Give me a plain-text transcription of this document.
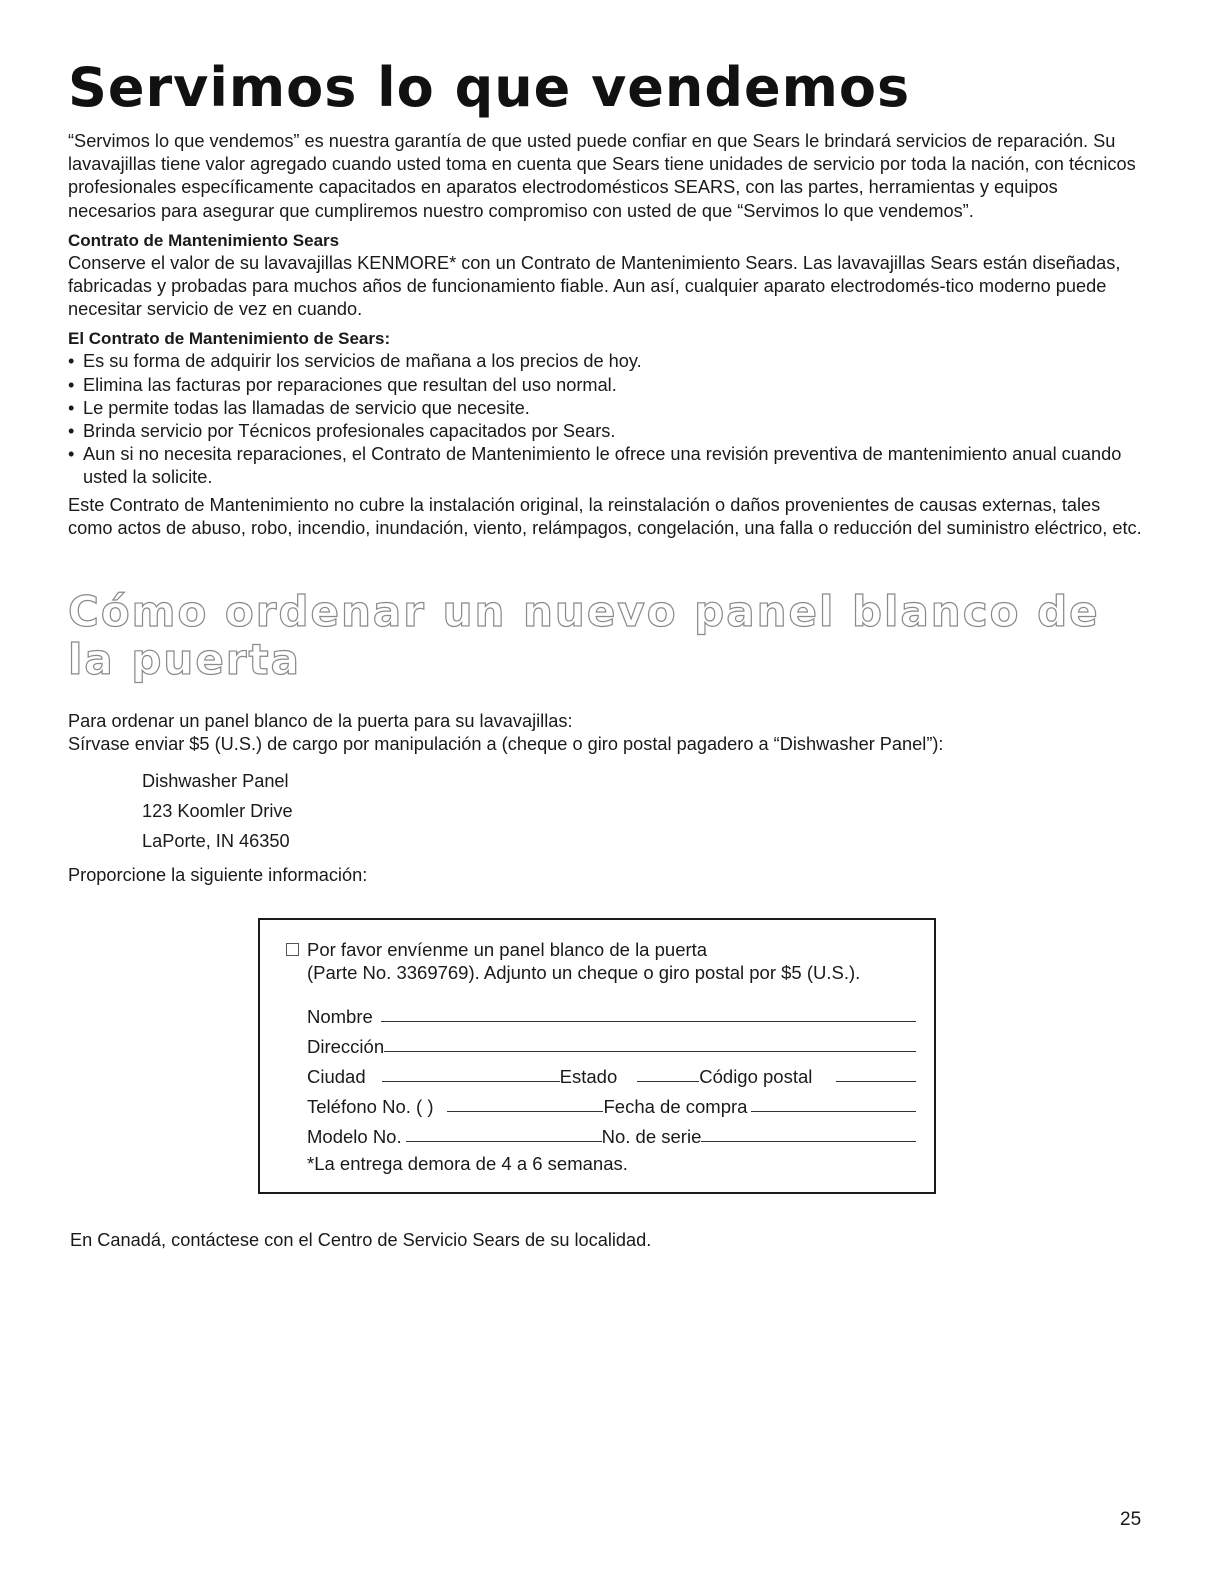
Servimos lo que vendemos

“Servimos lo que vendemos” es nuestra garantía de que usted puede confiar en que Sears le brindará servicios de reparación. Su lavavajillas tiene valor agregado cuando usted toma en cuenta que Sears tiene unidades de servicio por toda la nación, con técnicos profesionales específicamente capacitados en aparatos electrodomésticos SEARS, con las partes, herramientas y equipos necesarios para asegurar que cumpliremos nuestro compromiso con usted de que “Servimos lo que vendemos”.

Contrato de Mantenimiento Sears

Conserve el valor de su lavavajillas KENMORE* con un Contrato de Mantenimiento Sears. Las lavavajillas Sears están diseñadas, fabricadas y probadas para muchos años de funcionamiento fiable. Aun así, cualquier aparato electrodomés-tico moderno puede necesitar servicio de vez en cuando.

El Contrato de Mantenimiento de Sears:

• Es su forma de adquirir los servicios de mañana a los precios de hoy.
• Elimina las facturas por reparaciones que resultan del uso normal.
• Le permite todas las llamadas de servicio que necesite.
• Brinda servicio por Técnicos profesionales capacitados por Sears.
• Aun si no necesita reparaciones, el Contrato de Mantenimiento le ofrece una revisión preventiva de mantenimiento anual cuando usted la solicite.

Este Contrato de Mantenimiento no cubre la instalación original, la reinstalación o daños provenientes de causas externas, tales como actos de abuso, robo, incendio, inundación, viento, relámpagos, congelación, una falla o reducción del suministro eléctrico, etc.

Cómo ordenar un nuevo panel blanco de la puerta

Para ordenar un panel blanco de la puerta para su lavavajillas:

Sírvase enviar $5 (U.S.) de cargo por manipulación a (cheque o giro postal pagadero a “Dishwasher Panel”):

Dishwasher Panel

123 Koomler Drive

LaPorte, IN 46350

Proporcione la siguiente información:

Por favor envíenme un panel blanco de la puerta

(Parte No. 3369769). Adjunto un cheque o giro postal por $5 (U.S.).

Nombre
Dirección
Ciudad	Estado	Código postal
Teléfono No. ( )	Fecha de compra
Modelo No.	No. de serie

*La entrega demora de 4 a 6 semanas.

En Canadá, contáctese con el Centro de Servicio Sears de su localidad.

25
